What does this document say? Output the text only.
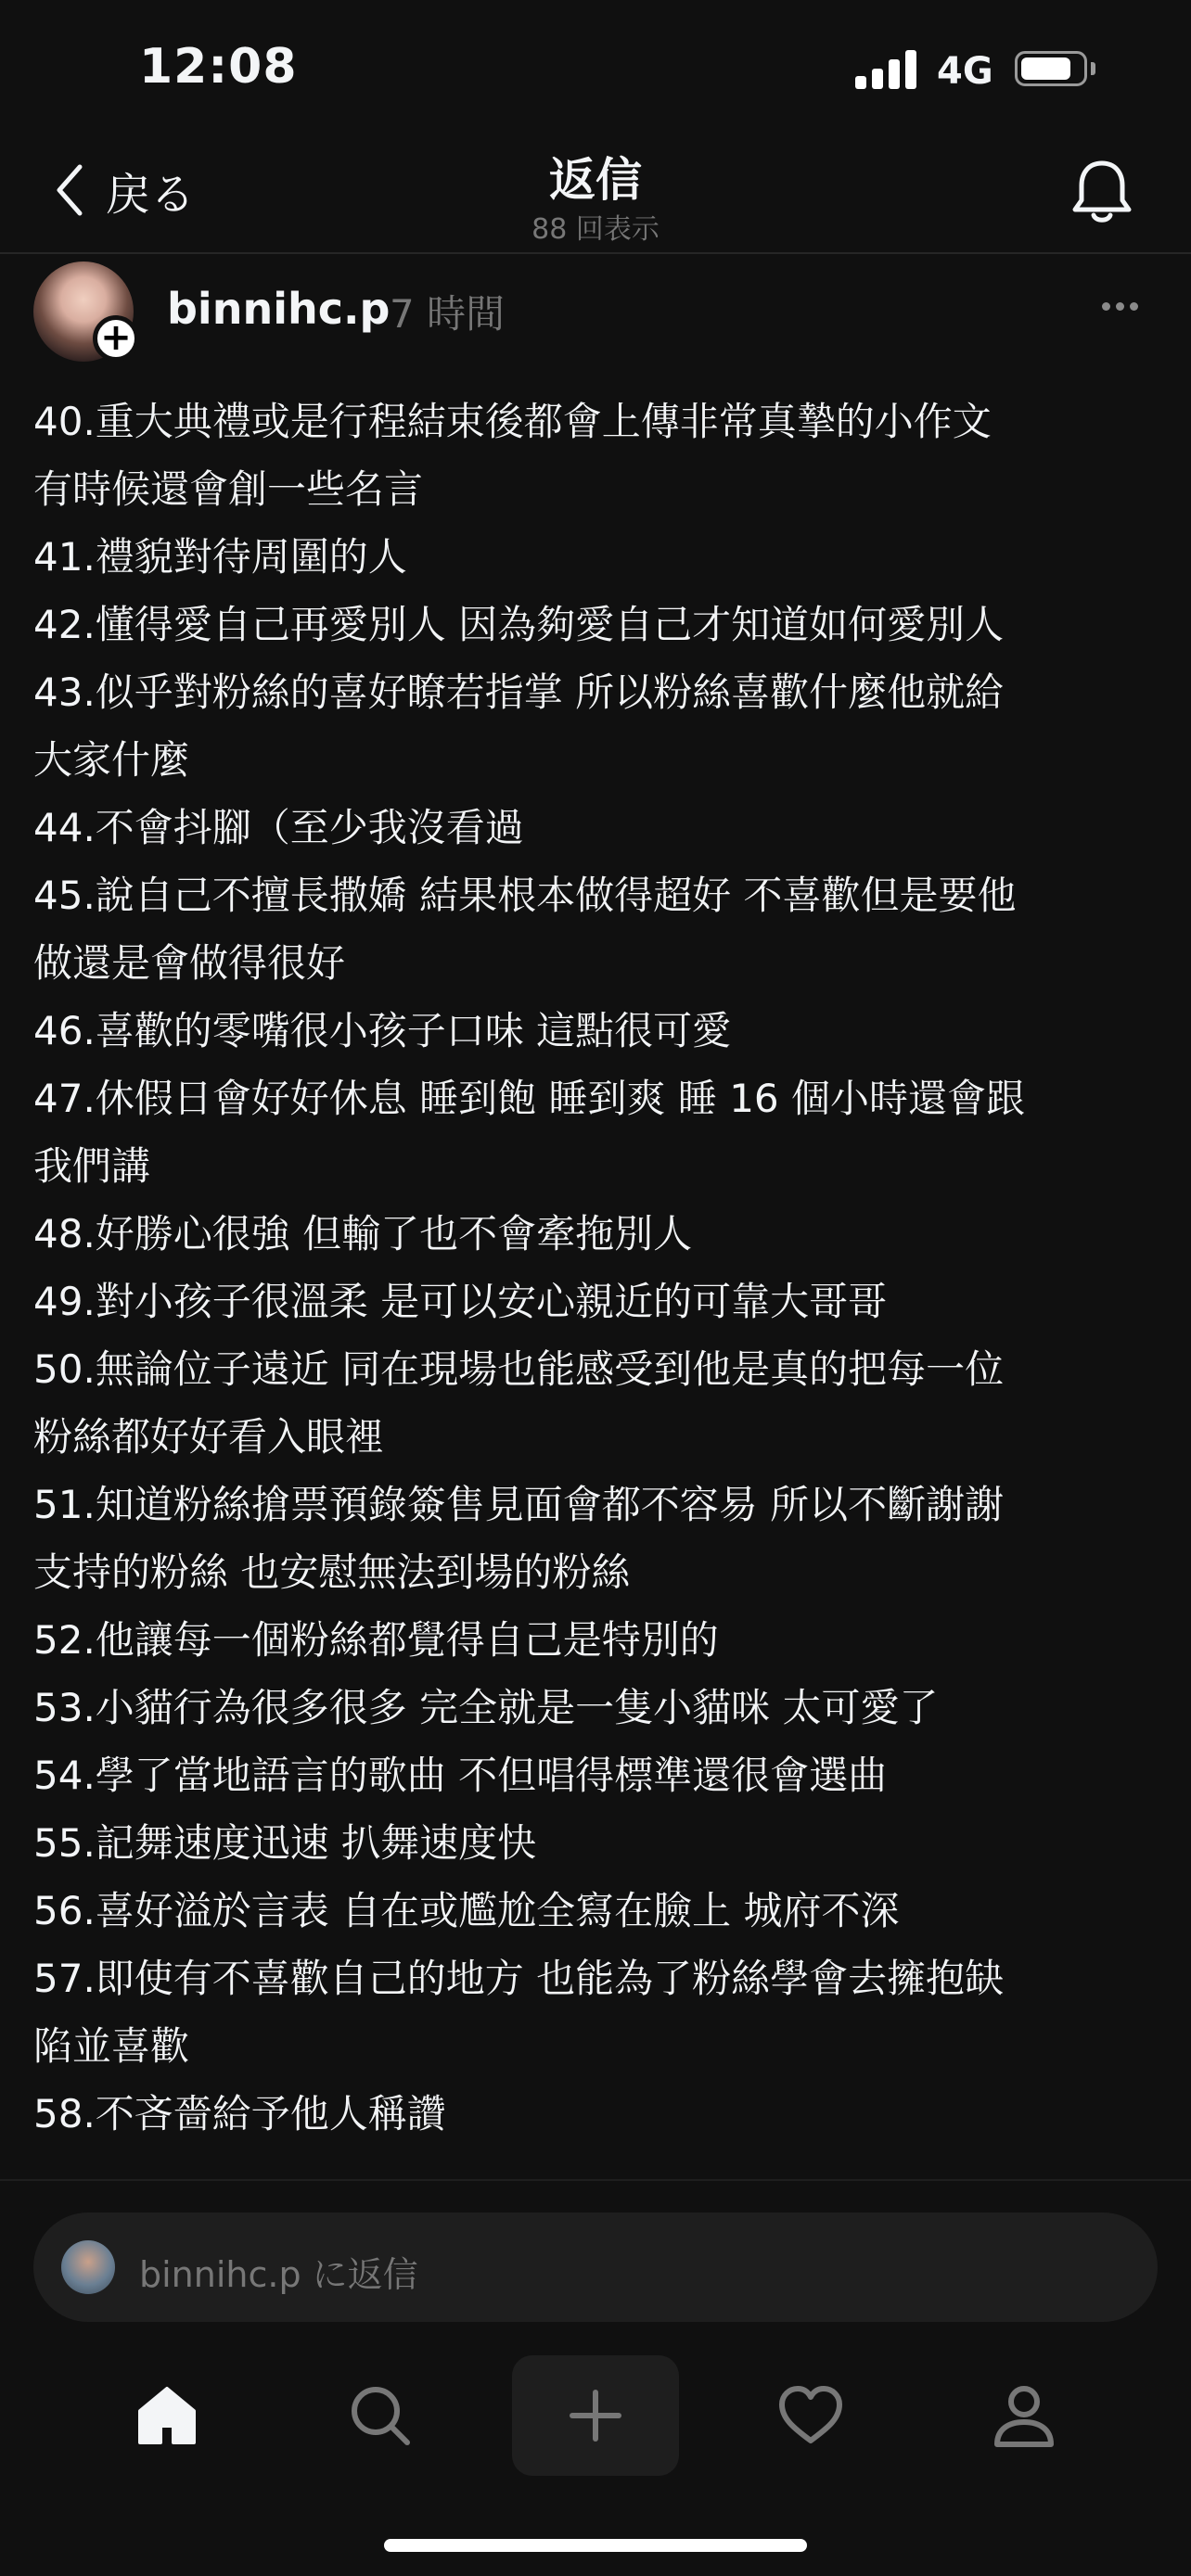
12:08	4G
戻る	返信
88 回表示
+
binnihc.p 7 時間
40.重大典禮或是行程結束後都會上傳非常真摯的小作文
有時候還會創一些名言
41.禮貌對待周圍的人
42.懂得愛自己再愛別人 因為夠愛自己才知道如何愛別人
43.似乎對粉絲的喜好瞭若指掌 所以粉絲喜歡什麼他就給
大家什麼
44.不會抖腳（至少我沒看過
45.說自己不擅長撒嬌 結果根本做得超好 不喜歡但是要他
做還是會做得很好
46.喜歡的零嘴很小孩子口味 這點很可愛
47.休假日會好好休息 睡到飽 睡到爽 睡 16 個小時還會跟
我們講
48.好勝心很強 但輸了也不會牽拖別人
49.對小孩子很溫柔 是可以安心親近的可靠大哥哥
50.無論位子遠近 同在現場也能感受到他是真的把每一位
粉絲都好好看入眼裡
51.知道粉絲搶票預錄簽售見面會都不容易 所以不斷謝謝
支持的粉絲 也安慰無法到場的粉絲
52.他讓每一個粉絲都覺得自己是特別的
53.小貓行為很多很多 完全就是一隻小貓咪 太可愛了
54.學了當地語言的歌曲 不但唱得標準還很會選曲
55.記舞速度迅速 扒舞速度快
56.喜好溢於言表 自在或尷尬全寫在臉上 城府不深
57.即使有不喜歡自己的地方 也能為了粉絲學會去擁抱缺
陷並喜歡
58.不吝嗇給予他人稱讚
binnihc.p に返信
